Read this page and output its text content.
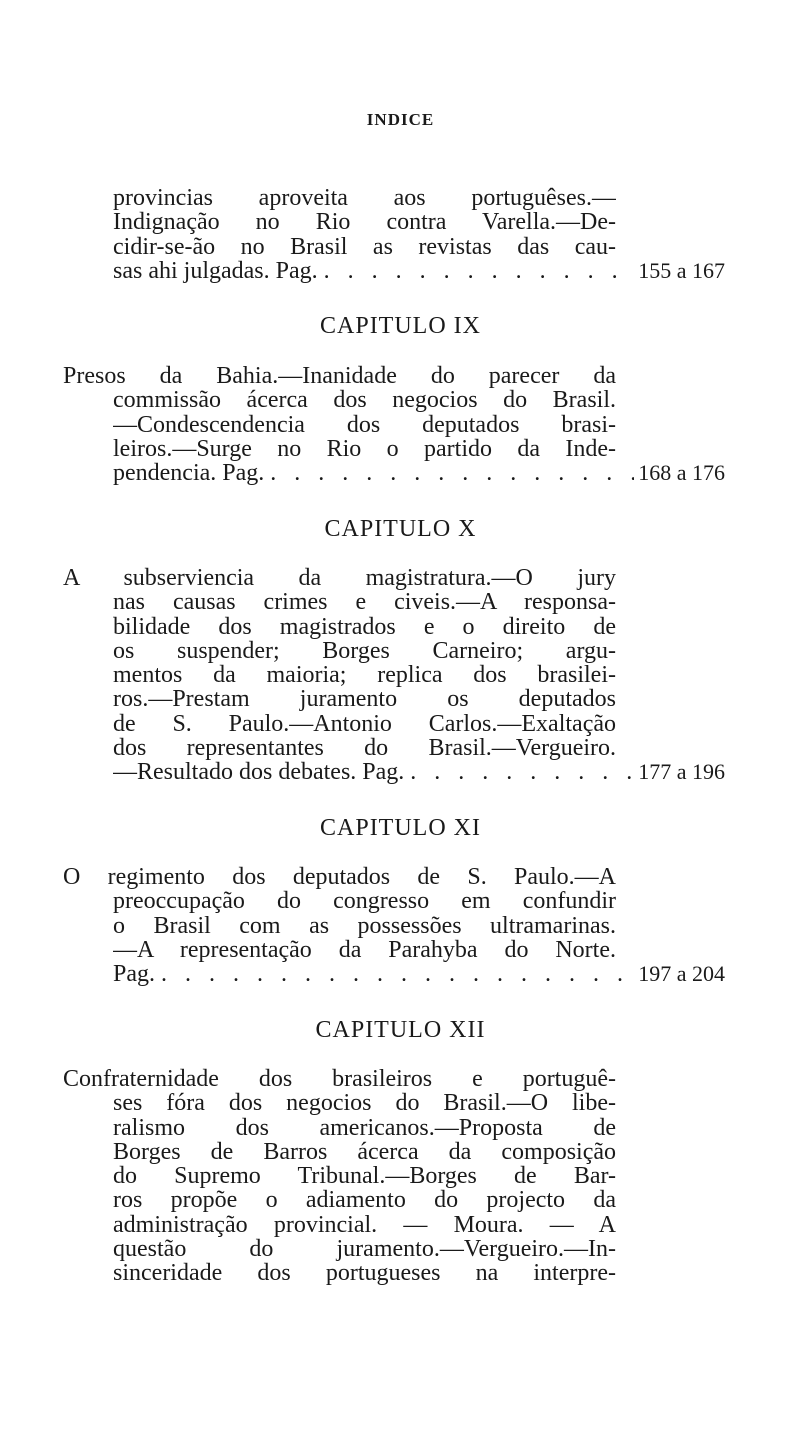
INDICE
provincias aproveita aos portuguêses.—
Indignação no Rio contra Varella.—De-
cidir-se-ão no Brasil as revistas das cau-
sas ahi julgadas. Pag. . . .	155 a 167
CAPITULO IX
Presos da Bahia.—Inanidade do parecer da
commissão ácerca dos negocios do Brasil.
—Condescendencia dos deputados brasi-
leiros.—Surge no Rio o partido da Inde-
pendencia. Pag. . . .	168 a 176
CAPITULO X
A subserviencia da magistratura.—O jury
nas causas crimes e civeis.—A responsa-
bilidade dos magistrados e o direito de
os suspender; Borges Carneiro; argu-
mentos da maioria; replica dos brasilei-
ros.—Prestam juramento os deputados
de S. Paulo.—Antonio Carlos.—Exaltação
dos representantes do Brasil.—Vergueiro.
—Resultado dos debates. Pag. . . .	177 a 196
CAPITULO XI
O regimento dos deputados de S. Paulo.—A
preoccupação do congresso em confundir
o Brasil com as possessões ultramarinas.
—A representação da Parahyba do Norte.
Pag. . . .	197 a 204
CAPITULO XII
Confraternidade dos brasileiros e portuguê-
ses fóra dos negocios do Brasil.—O libe-
ralismo dos americanos.—Proposta de
Borges de Barros ácerca da composição
do Supremo Tribunal.—Borges de Bar-
ros propõe o adiamento do projecto da
administração provincial. — Moura. — A
questão do juramento.—Vergueiro.—In-
sinceridade dos portugueses na interpre-
